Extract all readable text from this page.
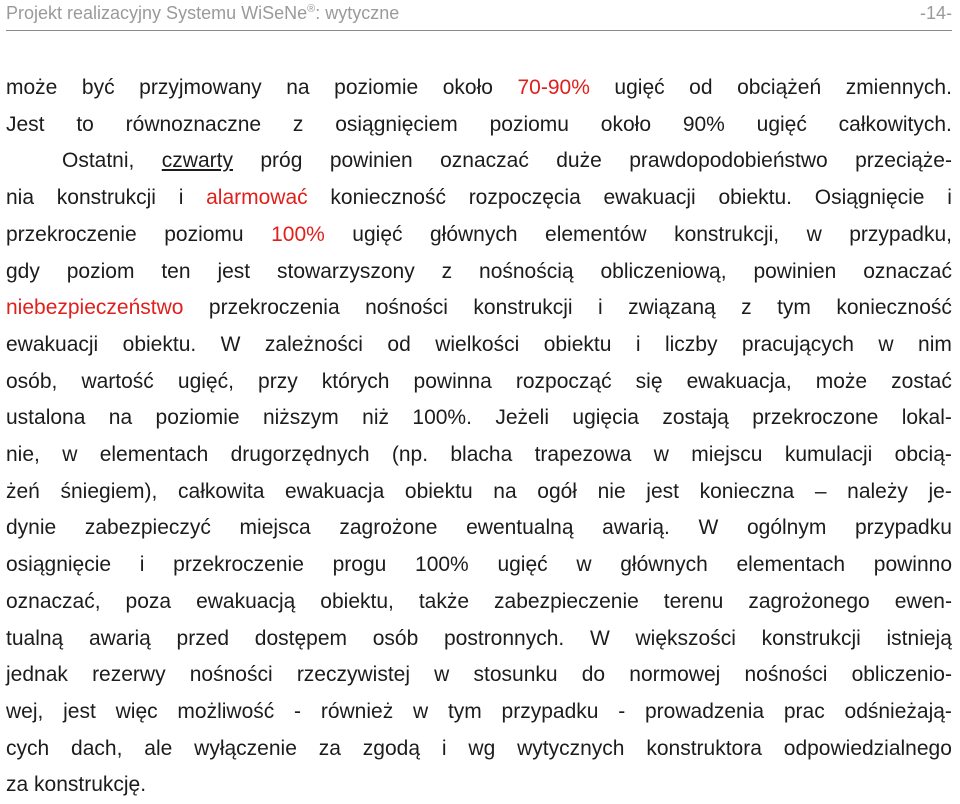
Projekt realizacyjny Systemu WiSeNe®: wytyczne	-14-
może być przyjmowany na poziomie około 70-90% ugięć od obciążeń zmiennych.
Jest to równoznaczne z osiągnięciem poziomu około 90% ugięć całkowitych.
Ostatni, czwarty próg powinien oznaczać duże prawdopodobieństwo przeciąże-
nia konstrukcji i alarmować konieczność rozpoczęcia ewakuacji obiektu. Osiągnięcie i
przekroczenie poziomu 100% ugięć głównych elementów konstrukcji, w przypadku,
gdy poziom ten jest stowarzyszony z nośnością obliczeniową, powinien oznaczać
niebezpieczeństwo przekroczenia nośności konstrukcji i związaną z tym konieczność
ewakuacji obiektu. W zależności od wielkości obiektu i liczby pracujących w nim
osób, wartość ugięć, przy których powinna rozpocząć się ewakuacja, może zostać
ustalona na poziomie niższym niż 100%. Jeżeli ugięcia zostają przekroczone lokal-
nie, w elementach drugorzędnych (np. blacha trapezowa w miejscu kumulacji obcią-
żeń śniegiem), całkowita ewakuacja obiektu na ogół nie jest konieczna – należy je-
dynie zabezpieczyć miejsca zagrożone ewentualną awarią. W ogólnym przypadku
osiągnięcie i przekroczenie progu 100% ugięć w głównych elementach powinno
oznaczać, poza ewakuacją obiektu, także zabezpieczenie terenu zagrożonego ewen-
tualną awarią przed dostępem osób postronnych. W większości konstrukcji istnieją
jednak rezerwy nośności rzeczywistej w stosunku do normowej nośności obliczenio-
wej, jest więc możliwość - również w tym przypadku - prowadzenia prac odśnieżają-
cych dach, ale wyłączenie za zgodą i wg wytycznych konstruktora odpowiedzialnego
za
konstrukcję.
